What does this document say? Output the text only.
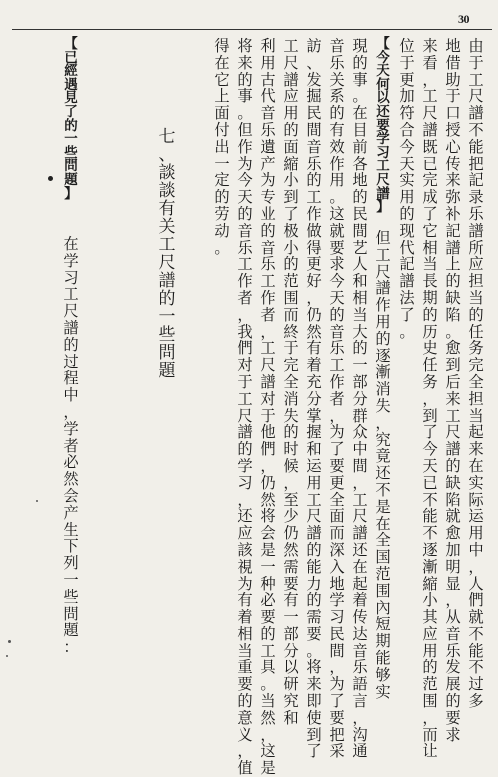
30
由于工尺譜不能把記录乐譜所应担当的任务完全担当起来在实际运用中，人們就不能不过多
地借助于口授心传来弥补記譜上的缺陷。愈到后来工尺譜的缺陷就愈加明显，从音乐发展的要求
来看，工尺譜既已完成了它相当長期的历史任务，到了今天已不能不逐漸縮小其应用的范围，而让
位于更加符合今天实用的现代記譜法了。
【今天何以还要学习工尺譜】
但工尺譜作用的逐漸消失，究竟还不是在全国范围內短期能够实
現的事。在目前各地的民間艺人和相当大的一部分群众中間，工尺譜还在起着传达音乐語言，沟通
音乐关系的有效作用。这就要求今天的音乐工作者，为了要更全面而深入地学习民間，为了要把采
訪、发掘民間音乐的工作做得更好，仍然有着充分掌握和运用工尺譜的能力的需要。将来即使到了
工尺譜应用的面縮小到了极小的范围而終于完全消失的时候，至少仍然需要有一部分以研究和
利用古代音乐遺产为专业的音乐工作者，工尺譜对于他們，仍然将会是一种必要的工具。当然，这是
将来的事。但作为今天的音乐工作者，我們对于工尺譜的学习，还应該視为有着相当重要的意义，值
得在它上面付出一定的劳动。
七、談談有关工尺譜的一些問題
【已經遇見了的一些問題】
在学习工尺譜的过程中，学者必然会产生下列一些問題：
